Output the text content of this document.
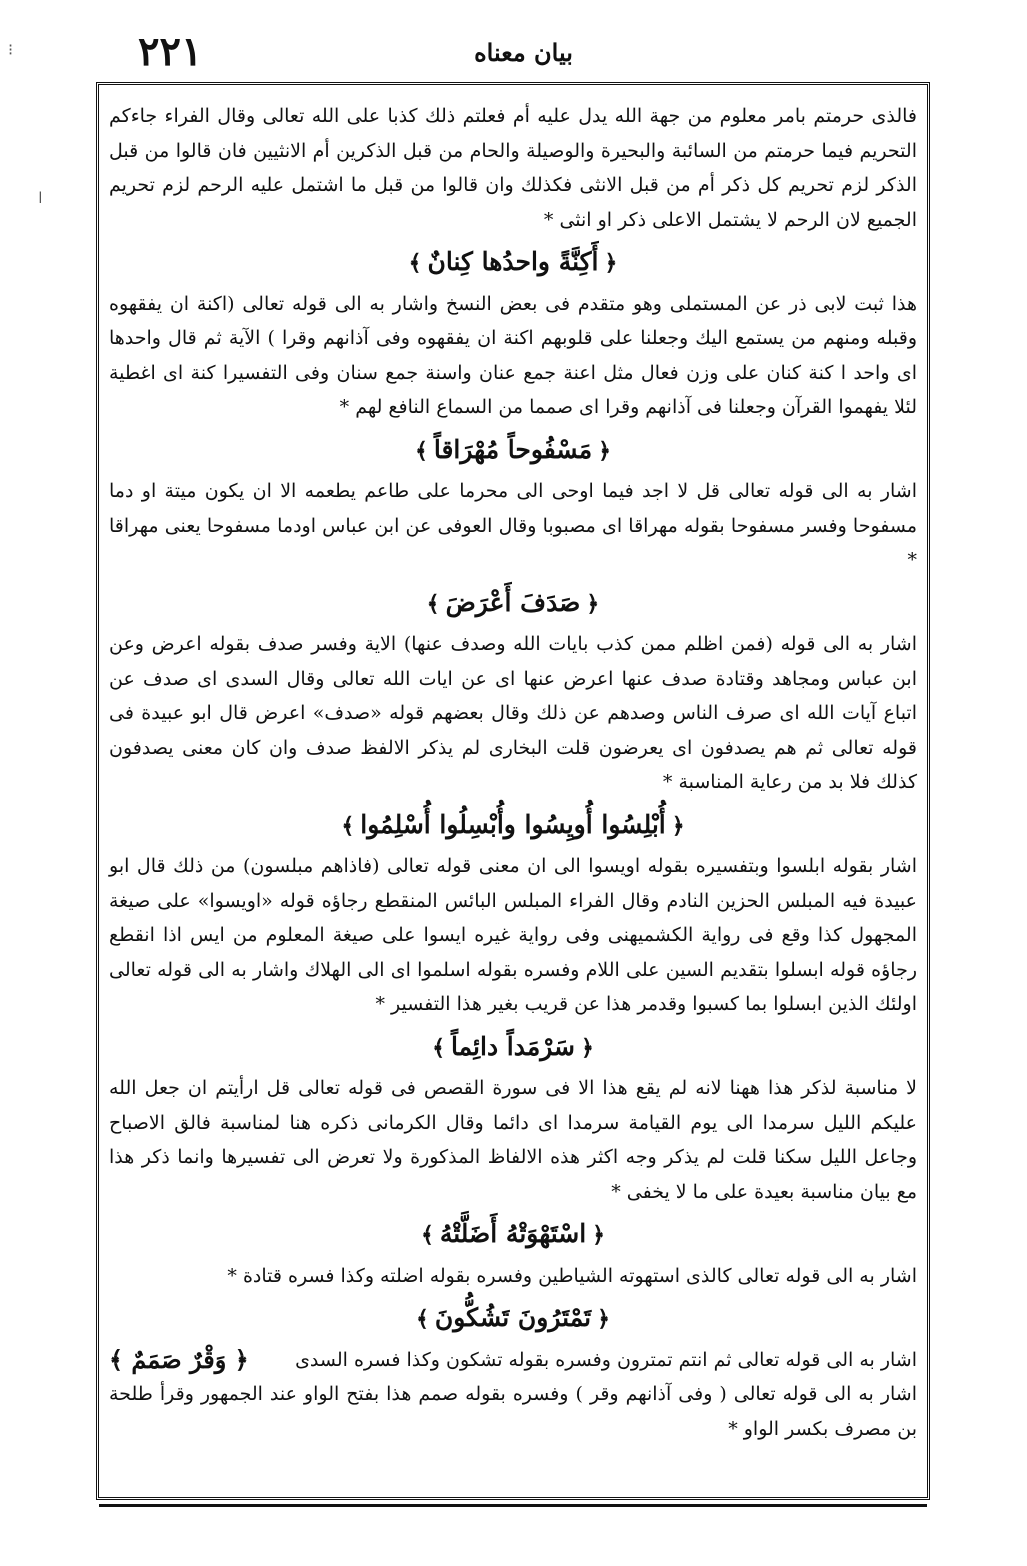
٢٢١	بيان معناه
⁝
ǀ

فالذى حرمتم بامر معلوم من جهة الله يدل عليه أم فعلتم ذلك كذبا على الله تعالى وقال الفراء جاءكم التحريم فيما حرمتم من السائبة والبحيرة والوصيلة والحام من قبل الذكرين أم الانثيين فان قالوا من قبل الذكر لزم تحريم كل ذكر أم من قبل الانثى فكذلك وان قالوا من قبل ما اشتمل عليه الرحم لزم تحريم الجميع لان الرحم لا يشتمل الاعلى ذكر او انثى *

﴿أَكِنَّةً واحدُها كِنانٌ﴾

هذا ثبت لابى ذر عن المستملى وهو متقدم فى بعض النسخ واشار به الى قوله تعالى (اكنة ان يفقهوه وقبله ومنهم من يستمع اليك وجعلنا على قلوبهم اكنة ان يفقهوه وفى آذانهم وقرا ) الآية ثم قال واحدها اى واحد ا كنة كنان على وزن فعال مثل اعنة جمع عنان واسنة جمع سنان وفى التفسيرا كنة اى اغطية لئلا يفهموا القرآن وجعلنا فى آذانهم وقرا اى صمما من السماع النافع لهم *

﴿مَسْفُوحاً مُهْرَاقاً﴾

اشار به الى قوله تعالى قل لا اجد فيما اوحى الى محرما على طاعم يطعمه الا ان يكون ميتة او دما مسفوحا وفسر مسفوحا بقوله مهراقا اى مصبوبا وقال العوفى عن ابن عباس اودما مسفوحا يعنى مهراقا *

﴿صَدَفَ أَعْرَضَ﴾

اشار به الى قوله (فمن اظلم ممن كذب بايات الله وصدف عنها) الاية وفسر صدف بقوله اعرض وعن ابن عباس ومجاهد وقتادة صدف عنها اعرض عنها اى عن ايات الله تعالى وقال السدى اى صدف عن اتباع آيات الله اى صرف الناس وصدهم عن ذلك وقال بعضهم قوله «صدف» اعرض قال ابو عبيدة فى قوله تعالى ثم هم يصدفون اى يعرضون قلت البخارى لم يذكر الالفظ صدف وان كان معنى يصدفون كذلك فلا بد من رعاية المناسبة *

﴿أُبْلِسُوا أُويِسُوا وأُبْسِلُوا أُسْلِمُوا﴾

اشار بقوله ابلسوا وبتفسيره بقوله اويسوا الى ان معنى قوله تعالى (فاذاهم مبلسون) من ذلك قال ابو عبيدة فيه المبلس الحزين النادم وقال الفراء المبلس البائس المنقطع رجاؤه قوله «اويسوا» على صيغة المجهول كذا وقع فى رواية الكشميهنى وفى رواية غيره ايسوا على صيغة المعلوم من ايس اذا انقطع رجاؤه قوله ابسلوا بتقديم السين على اللام وفسره بقوله اسلموا اى الى الهلاك واشار به الى قوله تعالى اولئك الذين ابسلوا بما كسبوا وقدمر هذا عن قريب بغير هذا التفسير *

﴿سَرْمَداً دائِماً﴾

لا مناسبة لذكر هذا ههنا لانه لم يقع هذا الا فى سورة القصص فى قوله تعالى قل ارأيتم ان جعل الله عليكم الليل سرمدا الى يوم القيامة سرمدا اى دائما وقال الكرمانى ذكره هنا لمناسبة فالق الاصباح وجاعل الليل سكنا قلت لم يذكر وجه اكثر هذه الالفاظ المذكورة ولا تعرض الى تفسيرها وانما ذكر هذا مع بيان مناسبة بعيدة على ما لا يخفى *

﴿اسْتَهْوَتْهُ أَضَلَّتْهُ﴾

اشار به الى قوله تعالى كالذى استهوته الشياطين وفسره بقوله اضلته وكذا فسره قتادة *

﴿تَمْتَرُونَ تَشُكُّونَ﴾
اشار به الى قوله تعالى ثم انتم تمترون وفسره بقوله تشكون وكذا فسره السدى
﴿ وَقْرٌ صَمَمٌ ﴾

اشار به الى قوله تعالى ( وفى آذانهم وقر ) وفسره بقوله صمم هذا بفتح الواو عند الجمهور وقرأ طلحة بن مصرف بكسر الواو *
